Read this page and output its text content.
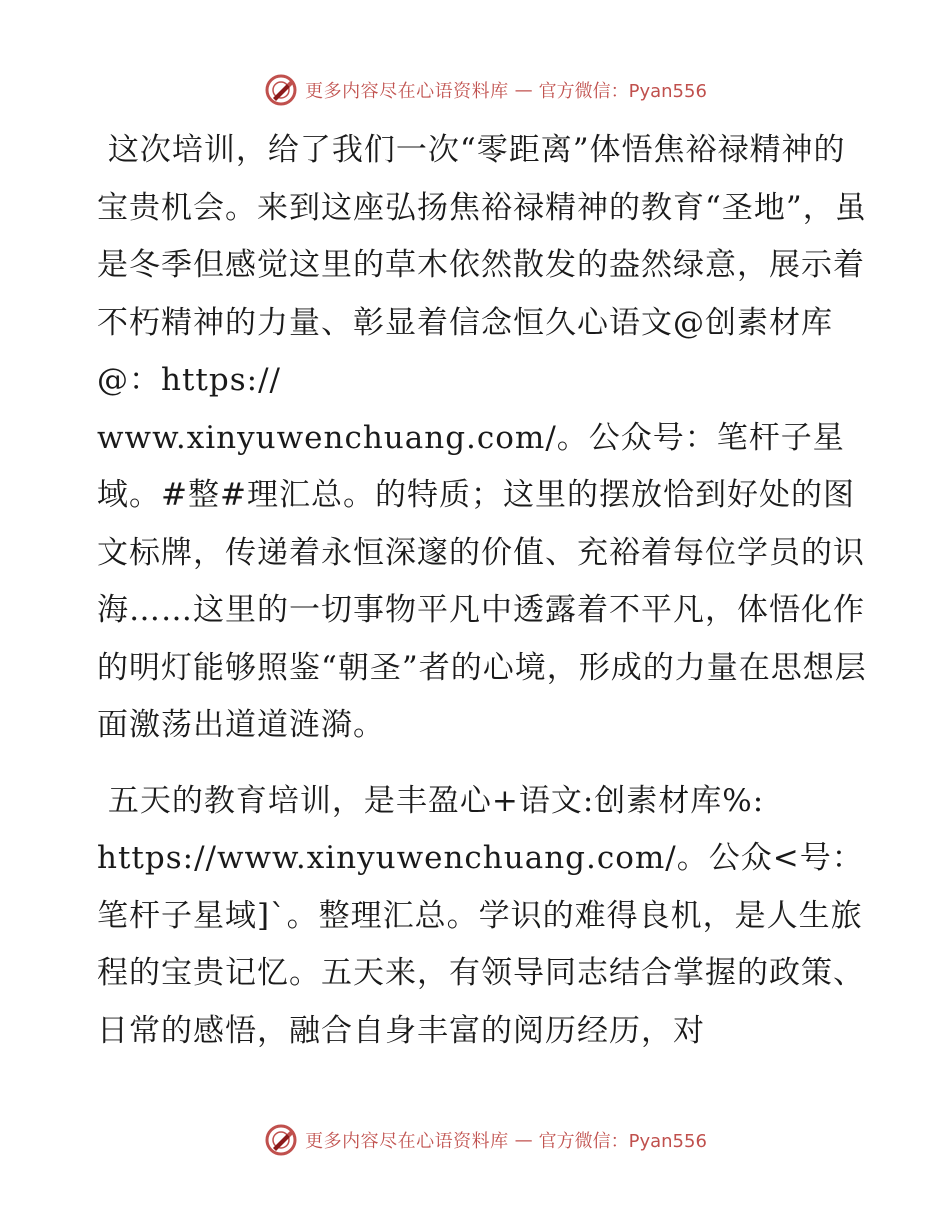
更多内容尽在心语资料库 — 官方微信：Pyan556

这次培训，给了我们一次“零距离”体悟焦裕禄精神的宝贵机会。来到这座弘扬焦裕禄精神的教育“圣地”，虽是冬季但感觉这里的草木依然散发的盎然绿意，展示着不朽精神的力量、彰显着信念恒久心语文@创素材库@：https://
www.xinyuwenchuang.com/。公众号：笔杆子星域。#整#理汇总。的特质；这里的摆放恰到好处的图文标牌，传递着永恒深邃的价值、充裕着每位学员的识海……这里的一切事物平凡中透露着不平凡，体悟化作的明灯能够照鉴“朝圣”者的心境，形成的力量在思想层面激荡出道道涟漪。

五天的教育培训，是丰盈心+语文:创素材库%:
https://www.xinyuwenchuang.com/。公众<号：笔杆子星域]`。整理汇总。学识的难得良机，是人生旅程的宝贵记忆。五天来，有领导同志结合掌握的政策、日常的感悟，融合自身丰富的阅历经历，对

更多内容尽在心语资料库 — 官方微信：Pyan556
